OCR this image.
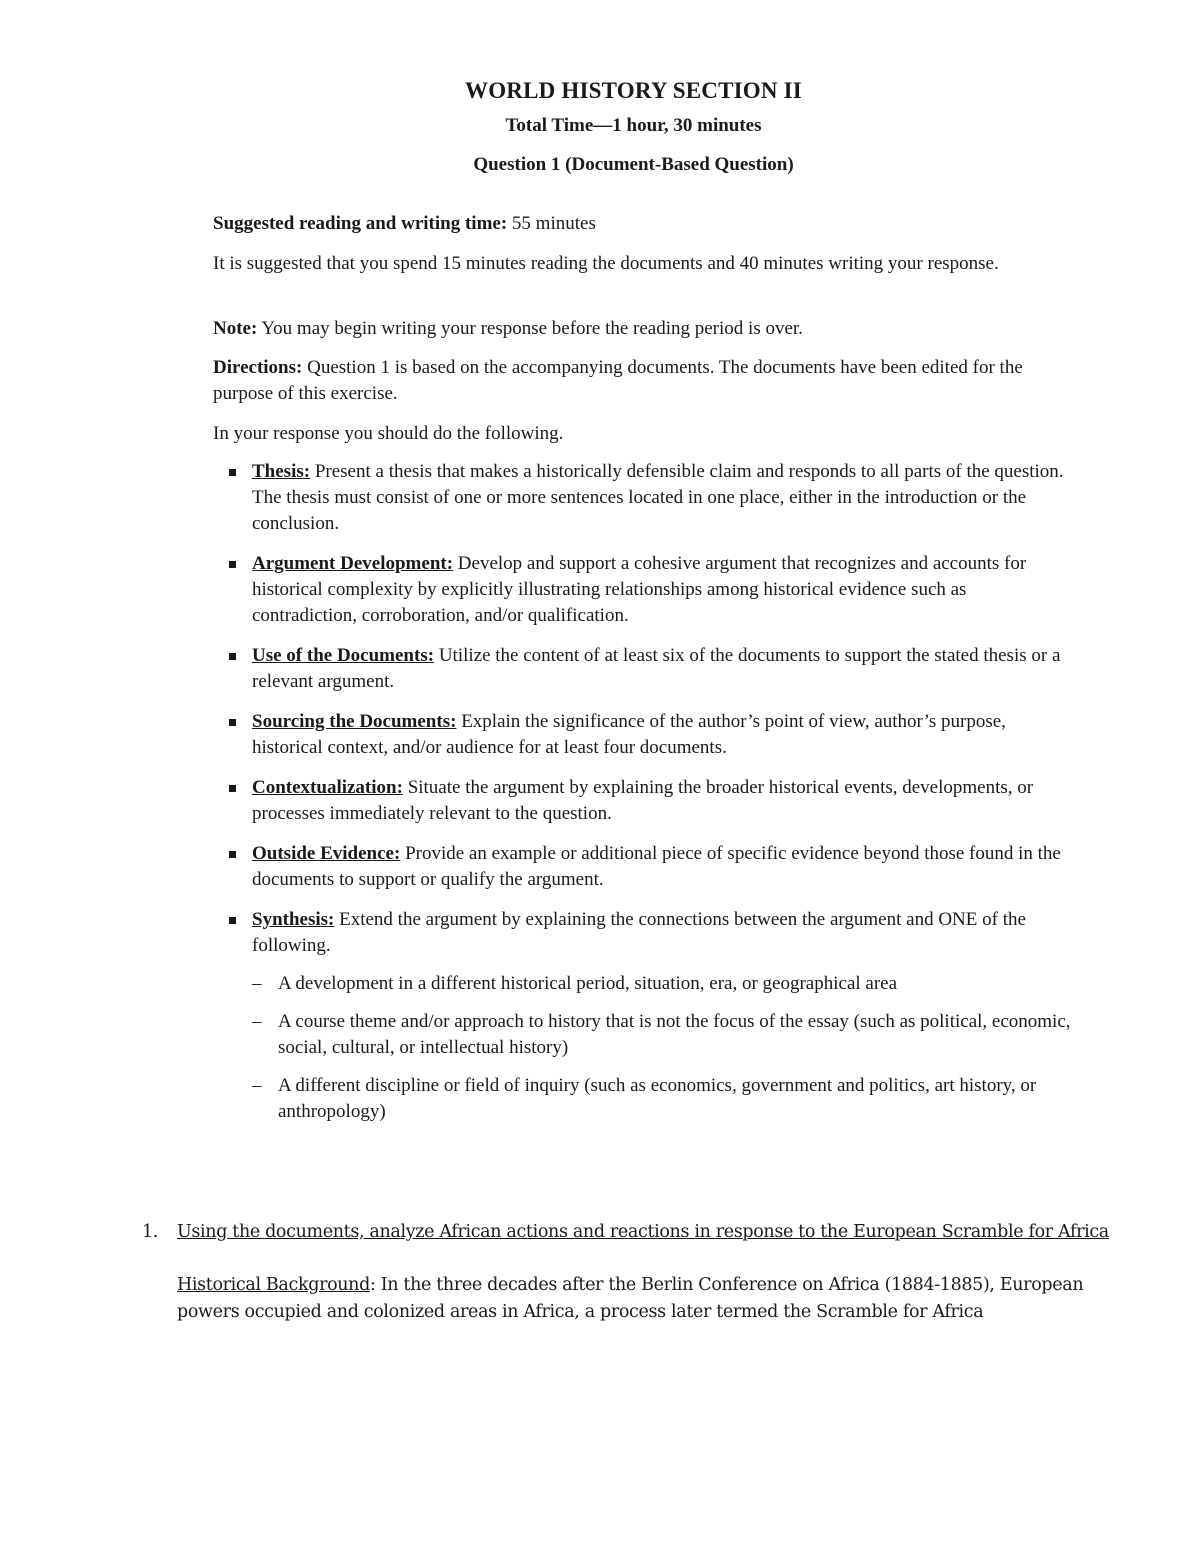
WORLD HISTORY SECTION II
Total Time—1 hour, 30 minutes
Question 1 (Document-Based Question)
Suggested reading and writing time: 55 minutes
It is suggested that you spend 15 minutes reading the documents and 40 minutes writing your response.
Note: You may begin writing your response before the reading period is over.
Directions: Question 1 is based on the accompanying documents. The documents have been edited for the purpose of this exercise.
In your response you should do the following.
Thesis: Present a thesis that makes a historically defensible claim and responds to all parts of the question. The thesis must consist of one or more sentences located in one place, either in the introduction or the conclusion.
Argument Development: Develop and support a cohesive argument that recognizes and accounts for historical complexity by explicitly illustrating relationships among historical evidence such as contradiction, corroboration, and/or qualification.
Use of the Documents: Utilize the content of at least six of the documents to support the stated thesis or a relevant argument.
Sourcing the Documents: Explain the significance of the author’s point of view, author’s purpose, historical context, and/or audience for at least four documents.
Contextualization: Situate the argument by explaining the broader historical events, developments, or processes immediately relevant to the question.
Outside Evidence: Provide an example or additional piece of specific evidence beyond those found in the documents to support or qualify the argument.
Synthesis: Extend the argument by explaining the connections between the argument and ONE of the following.
– A development in a different historical period, situation, era, or geographical area
– A course theme and/or approach to history that is not the focus of the essay (such as political, economic, social, cultural, or intellectual history)
– A different discipline or field of inquiry (such as economics, government and politics, art history, or anthropology)
1. Using the documents, analyze African actions and reactions in response to the European Scramble for Africa
Historical Background: In the three decades after the Berlin Conference on Africa (1884-1885), European powers occupied and colonized areas in Africa, a process later termed the Scramble for Africa
